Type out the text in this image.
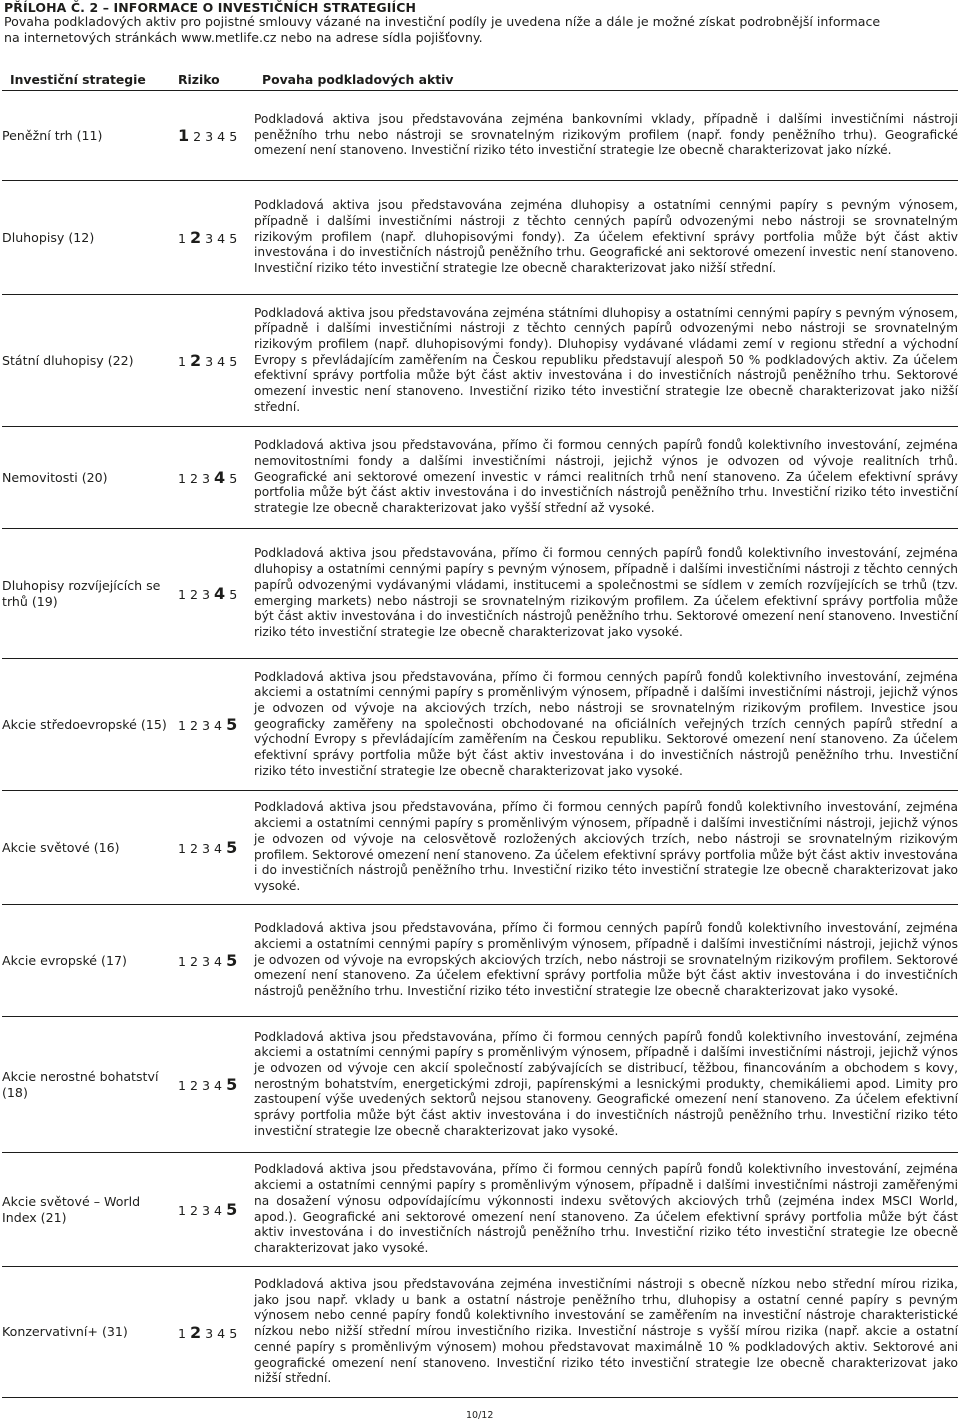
PŘÍLOHA Č. 2 – INFORMACE O INVESTIČNÍCH STRATEGIÍCH
Povaha podkladových aktiv pro pojistné smlouvy vázané na investiční podíly je uvedena níže a dále je možné získat podrobnější informace
na internetových stránkách www.metlife.cz nebo na adrese sídla pojišťovny.
Investiční strategie	Riziko	Povaha podkladových aktiv
Peněžní trh (11)	1 2 3 4 5	Podkladová aktiva jsou představována zejména bankovními vklady, případně i dalšími investičními nástroji peněžního trhu nebo nástroji se srovnatelným rizikovým profilem (např. fondy peněžního trhu). Geografické omezení není stanoveno. Investiční riziko této investiční strategie lze obecně charakterizovat jako nízké.
Dluhopisy (12)	1 2 3 4 5	Podkladová aktiva jsou představována zejména dluhopisy a ostatními cennými papíry s pevným výnosem, případně i dalšími investičními nástroji z těchto cenných papírů odvozenými nebo nástroji se srovnatelným rizikovým profilem (např. dluhopisovými fondy). Za účelem efektivní správy portfolia může být část aktiv investována i do investičních nástrojů peněžního trhu. Geografické ani sektorové omezení investic není stanoveno. Investiční riziko této investiční strategie lze obecně charakterizovat jako nižší střední.
Státní dluhopisy (22)	1 2 3 4 5	Podkladová aktiva jsou představována zejména státními dluhopisy a ostatními cennými papíry s pevným výnosem, případně i dalšími investičními nástroji z těchto cenných papírů odvozenými nebo nástroji se srovnatelným rizikovým profilem (např. dluhopisovými fondy). Dluhopisy vydávané vládami zemí v regionu střední a východní Evropy s převládajícím zaměřením na Českou republiku představují alespoň 50 % podkladových aktiv. Za účelem efektivní správy portfolia může být část aktiv investována i do investičních nástrojů peněžního trhu. Sektorové omezení investic není stanoveno. Investiční riziko této investiční strategie lze obecně charakterizovat jako nižší střední.
Nemovitosti (20)	1 2 3 4 5	Podkladová aktiva jsou představována, přímo či formou cenných papírů fondů kolektivního investování, zejména nemovitostními fondy a dalšími investičními nástroji, jejichž výnos je odvozen od vývoje realitních trhů. Geografické ani sektorové omezení investic v rámci realitních trhů není stanoveno. Za účelem efektivní správy portfolia může být část aktiv investována i do investičních nástrojů peněžního trhu. Investiční riziko této investiční strategie lze obecně charakterizovat jako vyšší střední až vysoké.
Dluhopisy rozvíjejících se trhů (19)	1 2 3 4 5	Podkladová aktiva jsou představována, přímo či formou cenných papírů fondů kolektivního investování, zejména dluhopisy a ostatními cennými papíry s pevným výnosem, případně i dalšími investičními nástroji z těchto cenných papírů odvozenými vydávanými vládami, institucemi a společnostmi se sídlem v zemích rozvíjejících se trhů (tzv. emerging markets) nebo nástroji se srovnatelným rizikovým profilem. Za účelem efektivní správy portfolia může být část aktiv investována i do investičních nástrojů peněžního trhu. Sektorové omezení není stanoveno. Investiční riziko této investiční strategie lze obecně charakterizovat jako vysoké.
Akcie středoevropské (15)	1 2 3 4 5	Podkladová aktiva jsou představována, přímo či formou cenných papírů fondů kolektivního investování, zejména akciemi a ostatními cennými papíry s proměnlivým výnosem, případně i dalšími investičními nástroji, jejichž výnos je odvozen od vývoje na akciových trzích, nebo nástroji se srovnatelným rizikovým profilem. Investice jsou geograficky zaměřeny na společnosti obchodované na oficiálních veřejných trzích cenných papírů střední a východní Evropy s převládajícím zaměřením na Českou republiku. Sektorové omezení není stanoveno. Za účelem efektivní správy portfolia může být část aktiv investována i do investičních nástrojů peněžního trhu. Investiční riziko této investiční strategie lze obecně charakterizovat jako vysoké.
Akcie světové (16)	1 2 3 4 5	Podkladová aktiva jsou představována, přímo či formou cenných papírů fondů kolektivního investování, zejména akciemi a ostatními cennými papíry s proměnlivým výnosem, případně i dalšími investičními nástroji, jejichž výnos je odvozen od vývoje na celosvětově rozložených akciových trzích, nebo nástroji se srovnatelným rizikovým profilem. Sektorové omezení není stanoveno. Za účelem efektivní správy portfolia může být část aktiv investována i do investičních nástrojů peněžního trhu. Investiční riziko této investiční strategie lze obecně charakterizovat jako vysoké.
Akcie evropské (17)	1 2 3 4 5	Podkladová aktiva jsou představována, přímo či formou cenných papírů fondů kolektivního investování, zejména akciemi a ostatními cennými papíry s proměnlivým výnosem, případně i dalšími investičními nástroji, jejichž výnos je odvozen od vývoje na evropských akciových trzích, nebo nástroji se srovnatelným rizikovým profilem. Sektorové omezení není stanoveno. Za účelem efektivní správy portfolia může být část aktiv investována i do investičních nástrojů peněžního trhu. Investiční riziko této investiční strategie lze obecně charakterizovat jako vysoké.
Akcie nerostné bohatství (18)	1 2 3 4 5	Podkladová aktiva jsou představována, přímo či formou cenných papírů fondů kolektivního investování, zejména akciemi a ostatními cennými papíry s proměnlivým výnosem, případně i dalšími investičními nástroji, jejichž výnos je odvozen od vývoje cen akcií společností zabývajících se distribucí, těžbou, financováním a obchodem s kovy, nerostným bohatstvím, energetickými zdroji, papírenskými a lesnickými produkty, chemikáliemi apod. Limity pro zastoupení výše uvedených sektorů nejsou stanoveny. Geografické omezení není stanoveno. Za účelem efektivní správy portfolia může být část aktiv investována i do investičních nástrojů peněžního trhu. Investiční riziko této investiční strategie lze obecně charakterizovat jako vysoké.
Akcie světové – World Index (21)	1 2 3 4 5	Podkladová aktiva jsou představována, přímo či formou cenných papírů fondů kolektivního investování, zejména akciemi a ostatními cennými papíry s proměnlivým výnosem, případně i dalšími investičními nástroji zaměřenými na dosažení výnosu odpovídajícímu výkonnosti indexu světových akciových trhů (zejména index MSCI World, apod.). Geografické ani sektorové omezení není stanoveno. Za účelem efektivní správy portfolia může být část aktiv investována i do investičních nástrojů peněžního trhu. Investiční riziko této investiční strategie lze obecně charakterizovat jako vysoké.
Konzervativní+ (31)	1 2 3 4 5	Podkladová aktiva jsou představována zejména investičními nástroji s obecně nízkou nebo střední mírou rizika, jako jsou např. vklady u bank a ostatní nástroje peněžního trhu, dluhopisy a ostatní cenné papíry s pevným výnosem nebo cenné papíry fondů kolektivního investování se zaměřením na investiční nástroje charakteristické nízkou nebo nižší střední mírou investičního rizika. Investiční nástroje s vyšší mírou rizika (např. akcie a ostatní cenné papíry s proměnlivým výnosem) mohou představovat maximálně 10 % podkladových aktiv. Sektorové ani geografické omezení není stanoveno. Investiční riziko této investiční strategie lze obecně charakterizovat jako nižší střední.
10/12
